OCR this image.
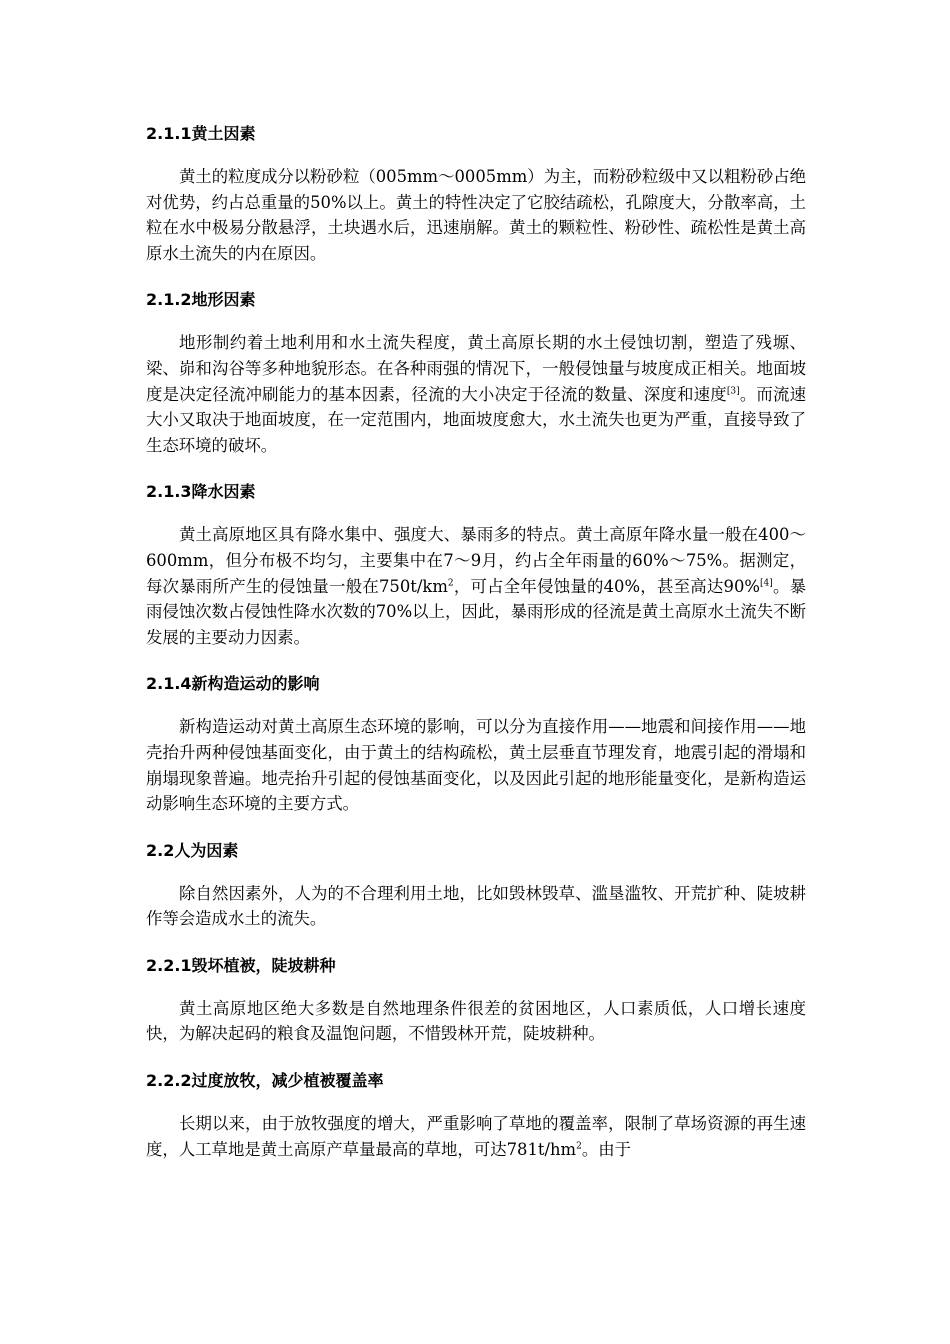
2.1.1黄土因素

黄土的粒度成分以粉砂粒（005mm～0005mm）为主，而粉砂粒级中又以粗粉砂占绝对优势，约占总重量的50%以上。黄土的特性决定了它胶结疏松，孔隙度大，分散率高，土粒在水中极易分散悬浮，土块遇水后，迅速崩解。黄土的颗粒性、粉砂性、疏松性是黄土高原水土流失的内在原因。

2.1.2地形因素

地形制约着土地利用和水土流失程度，黄土高原长期的水土侵蚀切割，塑造了残塬、梁、峁和沟谷等多种地貌形态。在各种雨强的情况下，一般侵蚀量与坡度成正相关。地面坡度是决定径流冲刷能力的基本因素，径流的大小决定于径流的数量、深度和速度[3]。而流速大小又取决于地面坡度，在一定范围内，地面坡度愈大，水土流失也更为严重，直接导致了生态环境的破坏。

2.1.3降水因素

黄土高原地区具有降水集中、强度大、暴雨多的特点。黄土高原年降水量一般在400～600mm，但分布极不均匀，主要集中在7～9月，约占全年雨量的60%～75%。据测定，每次暴雨所产生的侵蚀量一般在$750t/km^2$，可占全年侵蚀量的40%，甚至高达90%[4]。暴雨侵蚀次数占侵蚀性降水次数的70%以上，因此，暴雨形成的径流是黄土高原水土流失不断发展的主要动力因素。

2.1.4新构造运动的影响

新构造运动对黄土高原生态环境的影响，可以分为直接作用——地震和间接作用——地壳抬升两种侵蚀基面变化，由于黄土的结构疏松，黄土层垂直节理发育，地震引起的滑塌和崩塌现象普遍。地壳抬升引起的侵蚀基面变化，以及因此引起的地形能量变化，是新构造运动影响生态环境的主要方式。

2.2人为因素

除自然因素外，人为的不合理利用土地，比如毁林毁草、滥垦滥牧、开荒扩种、陡坡耕作等会造成水土的流失。

2.2.1毁坏植被，陡坡耕种

黄土高原地区绝大多数是自然地理条件很差的贫困地区，人口素质低，人口增长速度快，为解决起码的粮食及温饱问题，不惜毁林开荒，陡坡耕种。

2.2.2过度放牧，减少植被覆盖率

长期以来，由于放牧强度的增大，严重影响了草地的覆盖率，限制了草场资源的再生速度，人工草地是黄土高原产草量最高的草地，可达$781t/hm^2$。由于
